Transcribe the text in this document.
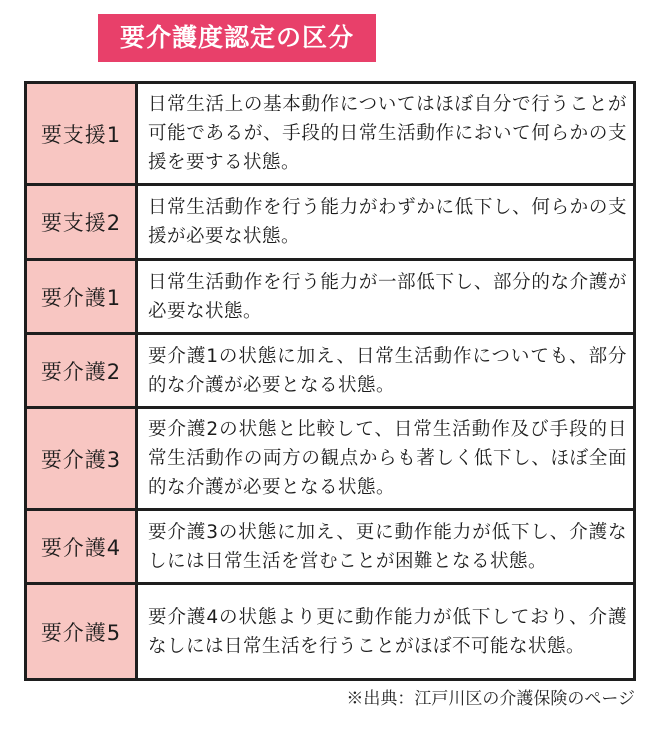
要介護度認定の区分
要支援1	日常生活上の基本動作についてはほぼ自分で行うことが可能であるが、手段的日常生活動作において何らかの支援を要する状態。
要支援2	日常生活動作を行う能力がわずかに低下し、何らかの支援が必要な状態。
要介護1	日常生活動作を行う能力が一部低下し、部分的な介護が必要な状態。
要介護2	要介護1の状態に加え、日常生活動作についても、部分的な介護が必要となる状態。
要介護3	要介護2の状態と比較して、日常生活動作及び手段的日常生活動作の両方の観点からも著しく低下し、ほぼ全面的な介護が必要となる状態。
要介護4	要介護3の状態に加え、更に動作能力が低下し、介護なしには日常生活を営むことが困難となる状態。
要介護5	要介護4の状態より更に動作能力が低下しており、介護なしには日常生活を行うことがほぼ不可能な状態。
※出典：江戸川区の介護保険のページ
